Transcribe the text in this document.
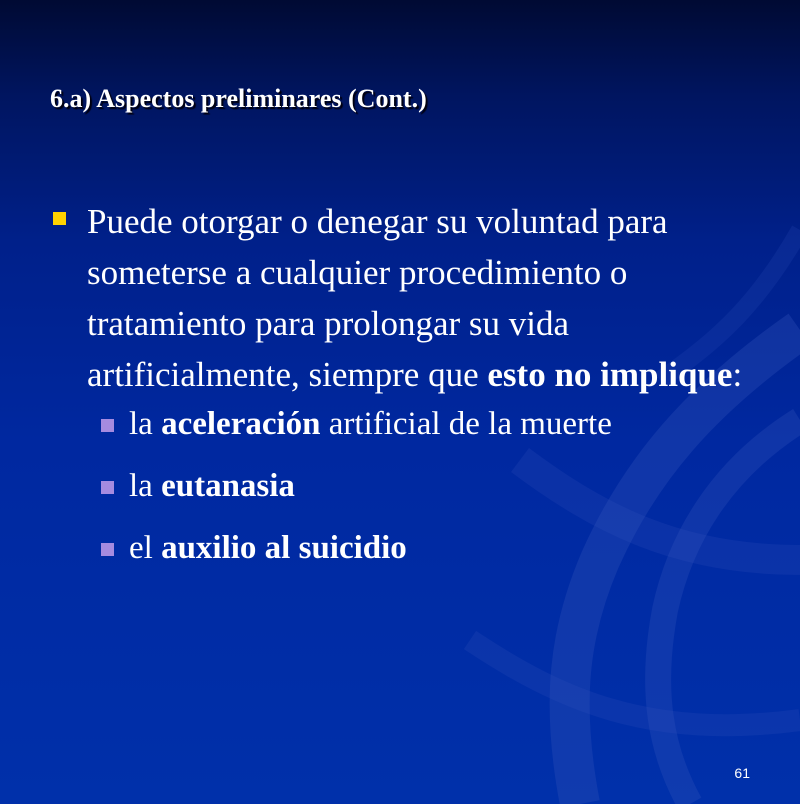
6.a) Aspectos preliminares (Cont.)
Puede otorgar o denegar su voluntad para someterse a cualquier procedimiento o tratamiento para prolongar su vida artificialmente, siempre que esto no implique:
la aceleración artificial de la muerte
la eutanasia
el auxilio al suicidio
61
